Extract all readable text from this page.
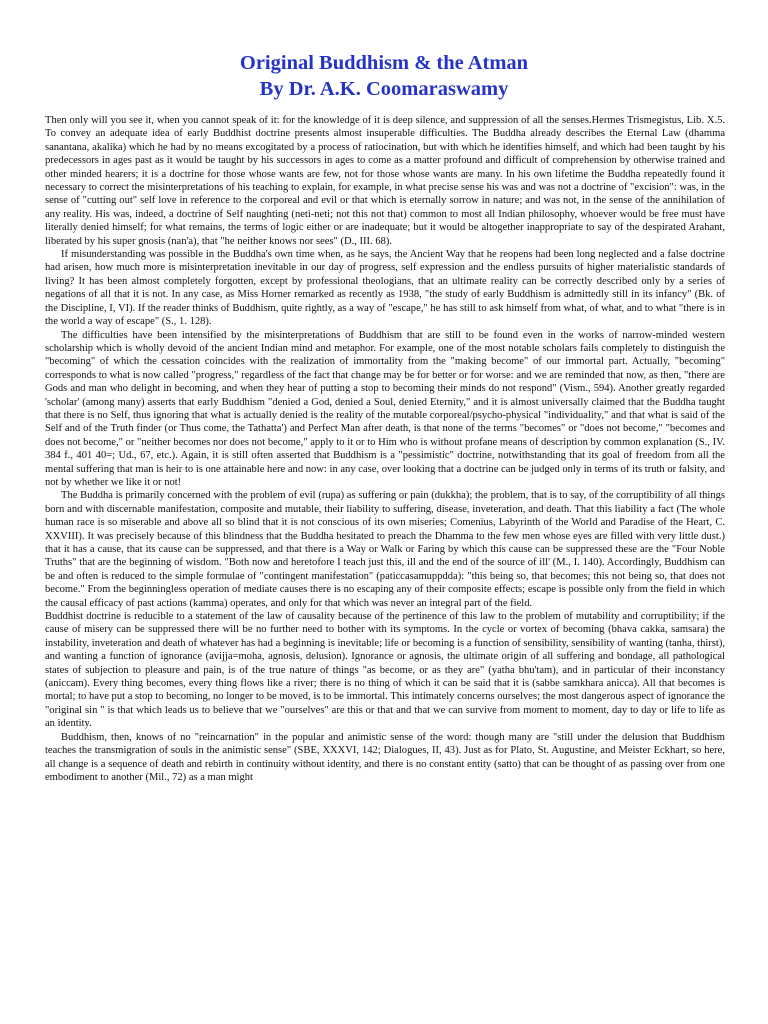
Original Buddhism & the Atman
By Dr. A.K. Coomaraswamy

Then only will you see it, when you cannot speak of it: for the knowledge of it is deep silence, and suppression of all the senses.Hermes Trismegistus, Lib. X.5. To convey an adequate idea of early Buddhist doctrine presents almost insuperable difficulties. The Buddha already describes the Eternal Law (dhamma sanantana, akalika) which he had by no means excogitated by a process of ratiocination, but with which he identifies himself, and which had been taught by his predecessors in ages past as it would be taught by his successors in ages to come as a matter profound and difficult of comprehension by otherwise trained and other minded hearers; it is a doctrine for those whose wants are few, not for those whose wants are many. In his own lifetime the Buddha repeatedly found it necessary to correct the misinterpretations of his teaching to explain, for example, in what precise sense his was and was not a doctrine of "excision": was, in the sense of "cutting out" self love in reference to the corporeal and evil or that which is eternally sorrow in nature; and was not, in the sense of the annihilation of any reality. His was, indeed, a doctrine of Self naughting (neti-neti; not this not that) common to most all Indian philosophy, whoever would be free must have literally denied himself; for what remains, the terms of logic either or are inadequate; but it would be altogether inappropriate to say of the despirated Arahant, liberated by his super gnosis (nan'a), that "he neither knows nor sees" (D., III. 68).

If misunderstanding was possible in the Buddha's own time when, as he says, the Ancient Way that he reopens had been long neglected and a false doctrine had arisen, how much more is misinterpretation inevitable in our day of progress, self expression and the endless pursuits of higher materialistic standards of living? It has been almost completely forgotten, except by professional theologians, that an ultimate reality can be correctly described only by a series of negations of all that it is not. In any case, as Miss Horner remarked as recently as 1938, "the study of early Buddhism is admittedly still in its infancy" (Bk. of the Discipline, I, VI). If the reader thinks of Buddhism, quite rightly, as a way of "escape," he has still to ask himself from what, of what, and to what "there is in the world a way of escape" (S., 1. 128).

The difficulties have been intensified by the misinterpretations of Buddhism that are still to be found even in the works of narrow-minded western scholarship which is wholly devoid of the ancient Indian mind and metaphor. For example, one of the most notable scholars fails completely to distinguish the "becoming" of which the cessation coincides with the realization of immortality from the "making become" of our immortal part. Actually, "becoming" corresponds to what is now called "progress," regardless of the fact that change may be for better or for worse: and we are reminded that now, as then, "there are Gods and man who delight in becoming, and when they hear of putting a stop to becoming their minds do not respond" (Vism., 594). Another greatly regarded 'scholar' (among many) asserts that early Buddhism "denied a God, denied a Soul, denied Eternity," and it is almost universally claimed that the Buddha taught that there is no Self, thus ignoring that what is actually denied is the reality of the mutable corporeal/psycho-physical "individuality," and that what is said of the Self and of the Truth finder (or Thus come, the Tathatta') and Perfect Man after death, is that none of the terms "becomes" or "does not become," "becomes and does not become," or "neither becomes nor does not become," apply to it or to Him who is without profane means of description by common explanation (S., IV. 384 f., 401 40=; Ud., 67, etc.). Again, it is still often asserted that Buddhism is a "pessimistic" doctrine, notwithstanding that its goal of freedom from all the mental suffering that man is heir to is one attainable here and now: in any case, over looking that a doctrine can be judged only in terms of its truth or falsity, and not by whether we like it or not!

The Buddha is primarily concerned with the problem of evil (rupa) as suffering or pain (dukkha); the problem, that is to say, of the corruptibility of all things born and with discernable manifestation, composite and mutable, their liability to suffering, disease, inveteration, and death. That this liability a fact (The whole human race is so miserable and above all so blind that it is not conscious of its own miseries; Comenius, Labyrinth of the World and Paradise of the Heart, C. XXVIII). It was precisely because of this blindness that the Buddha hesitated to preach the Dhamma to the few men whose eyes are filled with very little dust.) that it has a cause, that its cause can be suppressed, and that there is a Way or Walk or Faring by which this cause can be suppressed these are the "Four Noble Truths" that are the beginning of wisdom. "Both now and heretofore I teach just this, ill and the end of the source of ill' (M., I. 140). Accordingly, Buddhism can be and often is reduced to the simple formulae of "contingent manifestation" (paticcasamuppdda): "this being so, that becomes; this not being so, that does not become." From the beginningless operation of mediate causes there is no escaping any of their composite effects; escape is possible only from the field in which the causal efficacy of past actions (kamma) operates, and only for that which was never an integral part of the field.

Buddhist doctrine is reducible to a statement of the law of causality because of the pertinence of this law to the problem of mutability and corruptibility; if the cause of misery can be suppressed there will be no further need to bother with its symptoms. In the cycle or vortex of becoming (bhava cakka, samsara) the instability, inveteration and death of whatever has had a beginning is inevitable; life or becoming is a function of sensibility, sensibility of wanting (tanha, thirst), and wanting a function of ignorance (avijja=moha, agnosis, delusion). Ignorance or agnosis, the ultimate origin of all suffering and bondage, all pathological states of subjection to pleasure and pain, is of the true nature of things "as become, or as they are" (yatha bhu'tam), and in particular of their inconstancy (aniccam). Every thing becomes, every thing flows like a river; there is no thing of which it can be said that it is (sabbe samkhara anicca). All that becomes is mortal; to have put a stop to becoming, no longer to be moved, is to be immortal. This intimately concerns ourselves; the most dangerous aspect of ignorance the "original sin " is that which leads us to believe that we "ourselves" are this or that and that we can survive from moment to moment, day to day or life to life as an identity.

Buddhism, then, knows of no "reincarnation" in the popular and animistic sense of the word: though many are "still under the delusion that Buddhism teaches the transmigration of souls in the animistic sense" (SBE, XXXVI, 142; Dialogues, II, 43). Just as for Plato, St. Augustine, and Meister Eckhart, so here, all change is a sequence of death and rebirth in continuity without identity, and there is no constant entity (satto) that can be thought of as passing over from one embodiment to another (Mil., 72) as a man might
